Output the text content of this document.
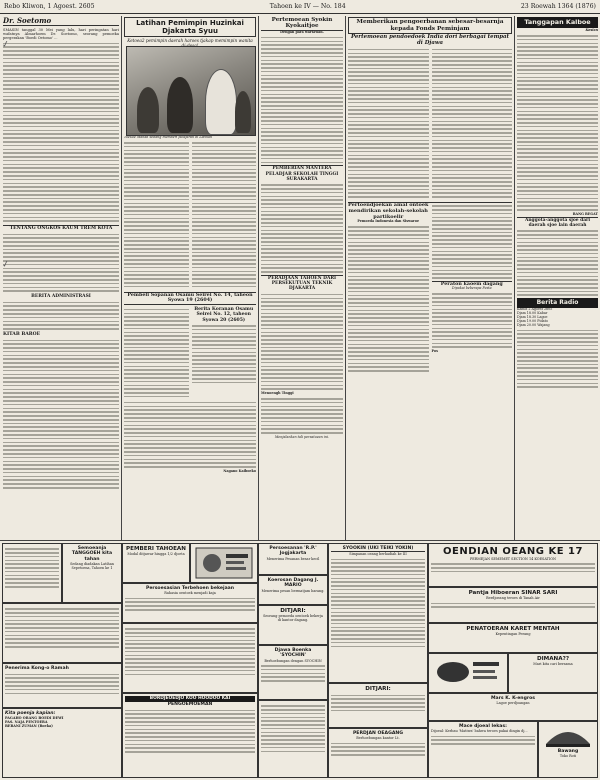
Rebo Kliwon, 1 Agoest. 2605	Tahoen ke IV — No. 184	23 Roewah 1364 (1876)
Dr. Soetomo
SMASIN tanggal 30 Mei yang lalu, hari peringatan hari wafatnya Almarhoem Dr. Soetomo, seorang pemoeka pergerakan 'Boedi Oetomo' ...
TENTANG ONGKOS KAUM TREM KOTA
BERITA ADMINISTRASI
KITAB BAROE
✓
✓
Latihan Pemimpin Huzinkai Djakarta Syuu
Ketoea2 pemimpin daerah haroes tjakap memimpin wanita
Toekoe Mahad sedang memberi pelajaran di Latihan
Pembeli Sopanan Osamu Seirei No. 14, taheon Syowa 19 (2604)
Berita Koranan Osamu Seirei No. 12, taheon Syowa 20 (2605)
Nagano Kaiboeko
Pertemoean Syokin Kyokaitjoe
Dengan para wartawan.
PEMBERIAN MANTERA PELADJAR SEKOLAH TINGGI SURAKARTA
PERADJAAN TAHOEN DARI PERSEKUTUAN TEKNIK DJAKARTA
Menoengh Tinggi
Menjalankan tali persatoean ini.
Memberikan pengoerbanan sebesar-besarnja kepada Fonds Peminjam
Pertemoean pendoedoek India dori berbagai tempat di Djawa
Pertoendjoekan amal ontoek mendirikan sekolah-sekolah partikoelir
Pemoeda Indonesia dan Siswaroe
Peraton kaoem dagang
Dipakai beberapa Pesta
Pos
Tanggapan Kalboe
Kesian
BANG BEGAT
Anggota-anggota sjoe dari daerah sjoe lain daerah
Berita Radio
Kamis 2 Agoest 2605
Djam 18.00 Kabar
Djam 18.30 Lagoe
Djam 19.00 Pidato
Djam 20.00 Wajang
Semoeanja TANGGOEH kita tahan
Sedang diadakan Latihan Sepetoena, Tahoen ke 1
Penerima Kong-o Ramah
Kita poenja kapian:
PAGAHO ORANG BOEDI DEWI
PAS. NAJA PENTOERA
BERANI ZUMAN (Roeka)
PEMBERI TAHOEAN
Modal ditjawar hingga 1/2 djoeta
Persoesasian Terbehoen bekejaan
Rahasia oentoek menjadi kaja
BORDJEOEDJO KOO HOODOO KAI
PENGOEMOEMAN
Persoesanan 'R.P.' Jogjakarta
Menerima Pesanan besar kecil
Koerosan Dagang J. MARIO
Menerima pesan bermatjam barang.
DITJARI:
Seorang pemoeda oentoek bekerja di kantor dagang.
Djawa Boenka 'SYOCHIN'
Berhoebungan dengan SYOCHIN
SYOOKIN (UKI TEIKI YOKIN)
Simpanan oeang berhadiah ke III
DITJARI:
PERDJAN OEAGANG
Berhoebungan kantor Lt.
OENDIAN OEANG KE 17
PERMEJAN SEMEMET SECTION 14 KOESATION
Pantja Hiboeran SINAR SARI
Berdjoeang teroes di Tanah Air
PENATOERAN KARET MENTAH
Kepentingan Perang
DIMANA??
Mari kita cari bersama
Mars K. K-engros
Lagoe perdjoangan
Mace djoeal lekas:
Dijoeal: Kerbau 'Matiwa' bahwa teroes pakai dingin dj...
Bawang
Toko Roti
